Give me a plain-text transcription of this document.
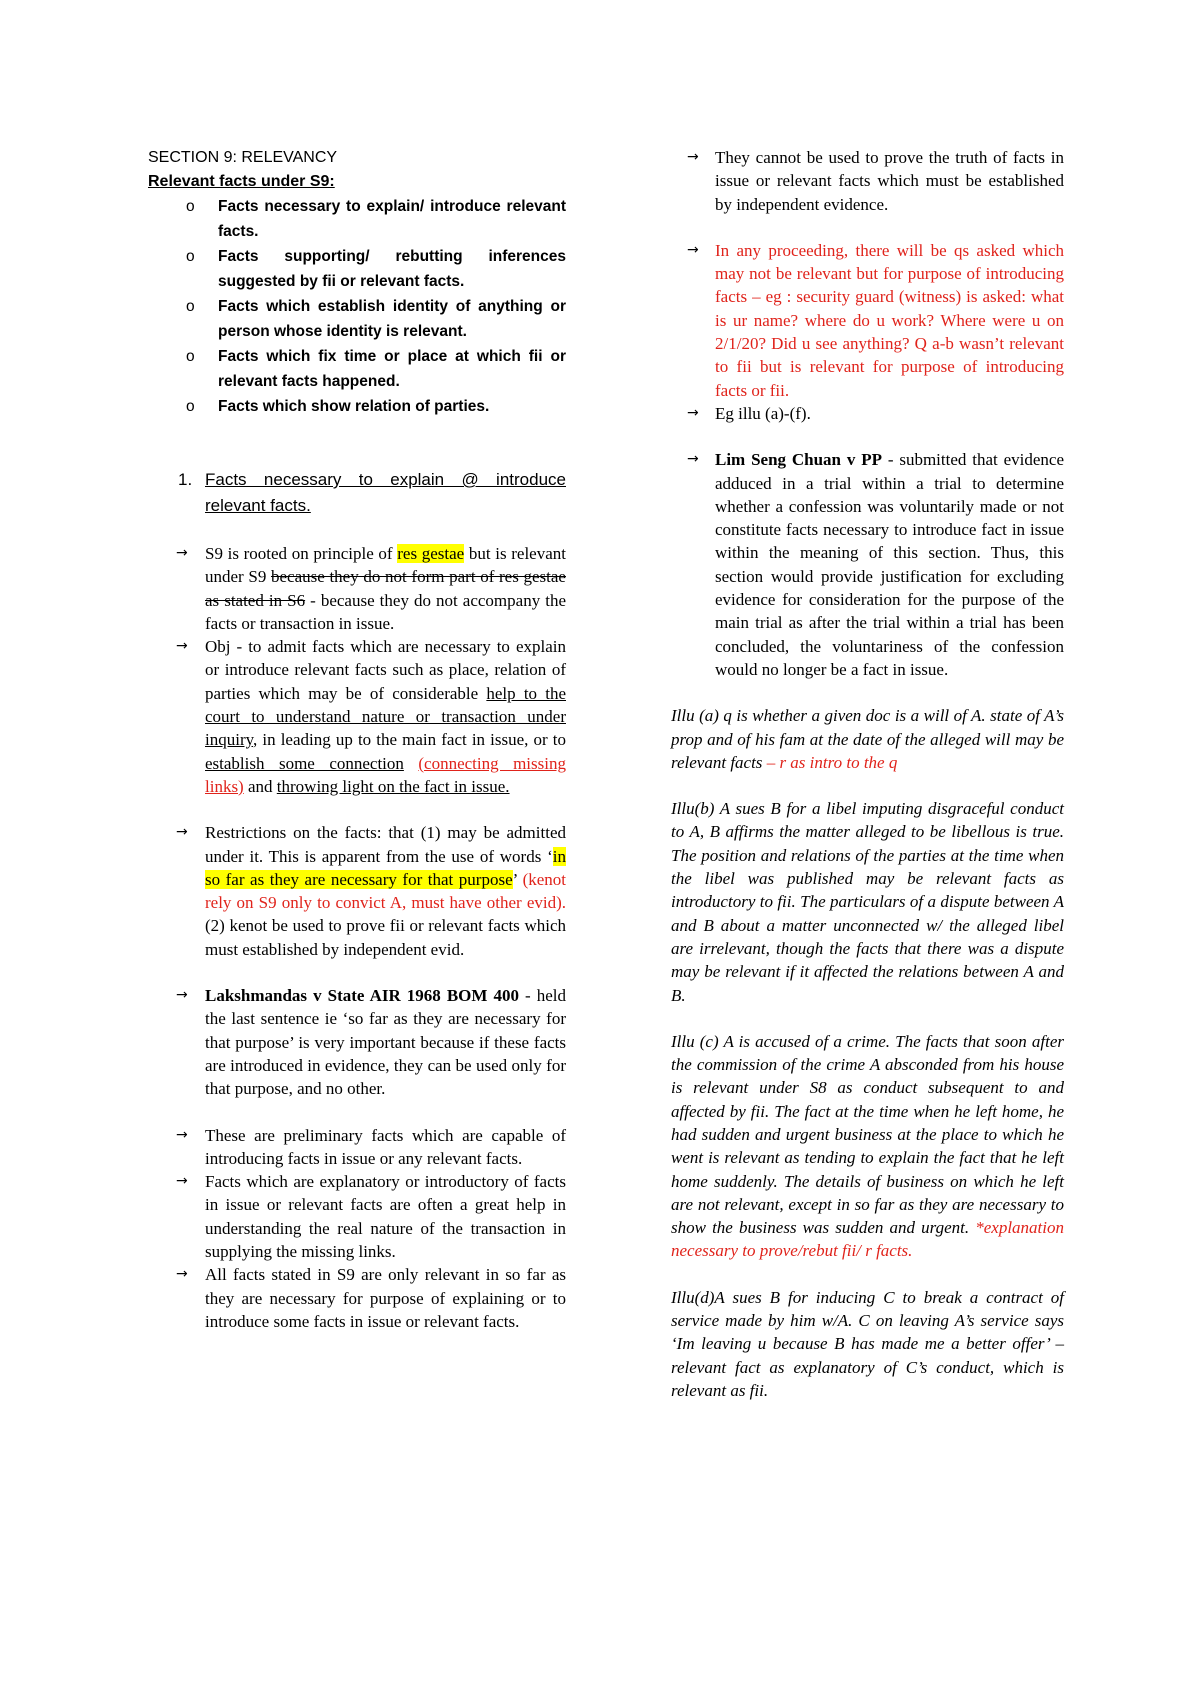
SECTION 9: RELEVANCY

Relevant facts under S9:

o Facts necessary to explain/ introduce relevant facts.
o Facts supporting/ rebutting inferences suggested by fii or relevant facts.
o Facts which establish identity of anything or person whose identity is relevant.
o Facts which fix time or place at which fii or relevant facts happened.
o Facts which show relation of parties.
1. Facts necessary to explain @ introduce relevant facts.
→ S9 is rooted on principle of res gestae but is relevant under S9 because they do not form part of res gestae as stated in S6 - because they do not accompany the facts or transaction in issue.
→ Obj - to admit facts which are necessary to explain or introduce relevant facts such as place, relation of parties which may be of considerable help to the court to understand nature or transaction under inquiry, in leading up to the main fact in issue, or to establish some connection (connecting missing links) and throwing light on the fact in issue.
→ Restrictions on the facts: that (1) may be admitted under it. This is apparent from the use of words ‘in so far as they are necessary for that purpose’ (kenot rely on S9 only to convict A, must have other evid). (2) kenot be used to prove fii or relevant facts which must established by independent evid.
→ Lakshmandas v State AIR 1968 BOM 400 - held the last sentence ie ‘so far as they are necessary for that purpose’ is very important because if these facts are introduced in evidence, they can be used only for that purpose, and no other.
→ These are preliminary facts which are capable of introducing facts in issue or any relevant facts.
→ Facts which are explanatory or introductory of facts in issue or relevant facts are often a great help in understanding the real nature of the transaction in supplying the missing links.
→ All facts stated in S9 are only relevant in so far as they are necessary for purpose of explaining or to introduce some facts in issue or relevant facts.
→ They cannot be used to prove the truth of facts in issue or relevant facts which must be established by independent evidence.
→ In any proceeding, there will be qs asked which may not be relevant but for purpose of introducing facts – eg : security guard (witness) is asked: what is ur name? where do u work? Where were u on 2/1/20? Did u see anything? Q a-b wasn’t relevant to fii but is relevant for purpose of introducing facts or fii.
→ Eg illu (a)-(f).
→ Lim Seng Chuan v PP - submitted that evidence adduced in a trial within a trial to determine whether a confession was voluntarily made or not constitute facts necessary to introduce fact in issue within the meaning of this section. Thus, this section would provide justification for excluding evidence for consideration for the purpose of the main trial as after the trial within a trial has been concluded, the voluntariness of the confession would no longer be a fact in issue.

Illu (a) q is whether a given doc is a will of A. state of A’s prop and of his fam at the date of the alleged will may be relevant facts – r as intro to the q

Illu(b) A sues B for a libel imputing disgraceful conduct to A, B affirms the matter alleged to be libellous is true. The position and relations of the parties at the time when the libel was published may be relevant facts as introductory to fii. The particulars of a dispute between A and B about a matter unconnected w/ the alleged libel are irrelevant, though the facts that there was a dispute may be relevant if it affected the relations between A and B.

Illu (c) A is accused of a crime. The facts that soon after the commission of the crime A absconded from his house is relevant under S8 as conduct subsequent to and affected by fii. The fact at the time when he left home, he had sudden and urgent business at the place to which he went is relevant as tending to explain the fact that he left home suddenly. The details of business on which he left are not relevant, except in so far as they are necessary to show the business was sudden and urgent. *explanation necessary to prove/rebut fii/ r facts.

Illu(d)A sues B for inducing C to break a contract of service made by him w/A. C on leaving A’s service says ‘Im leaving u because B has made me a better offer’ – relevant fact as explanatory of C’s conduct, which is relevant as fii.
